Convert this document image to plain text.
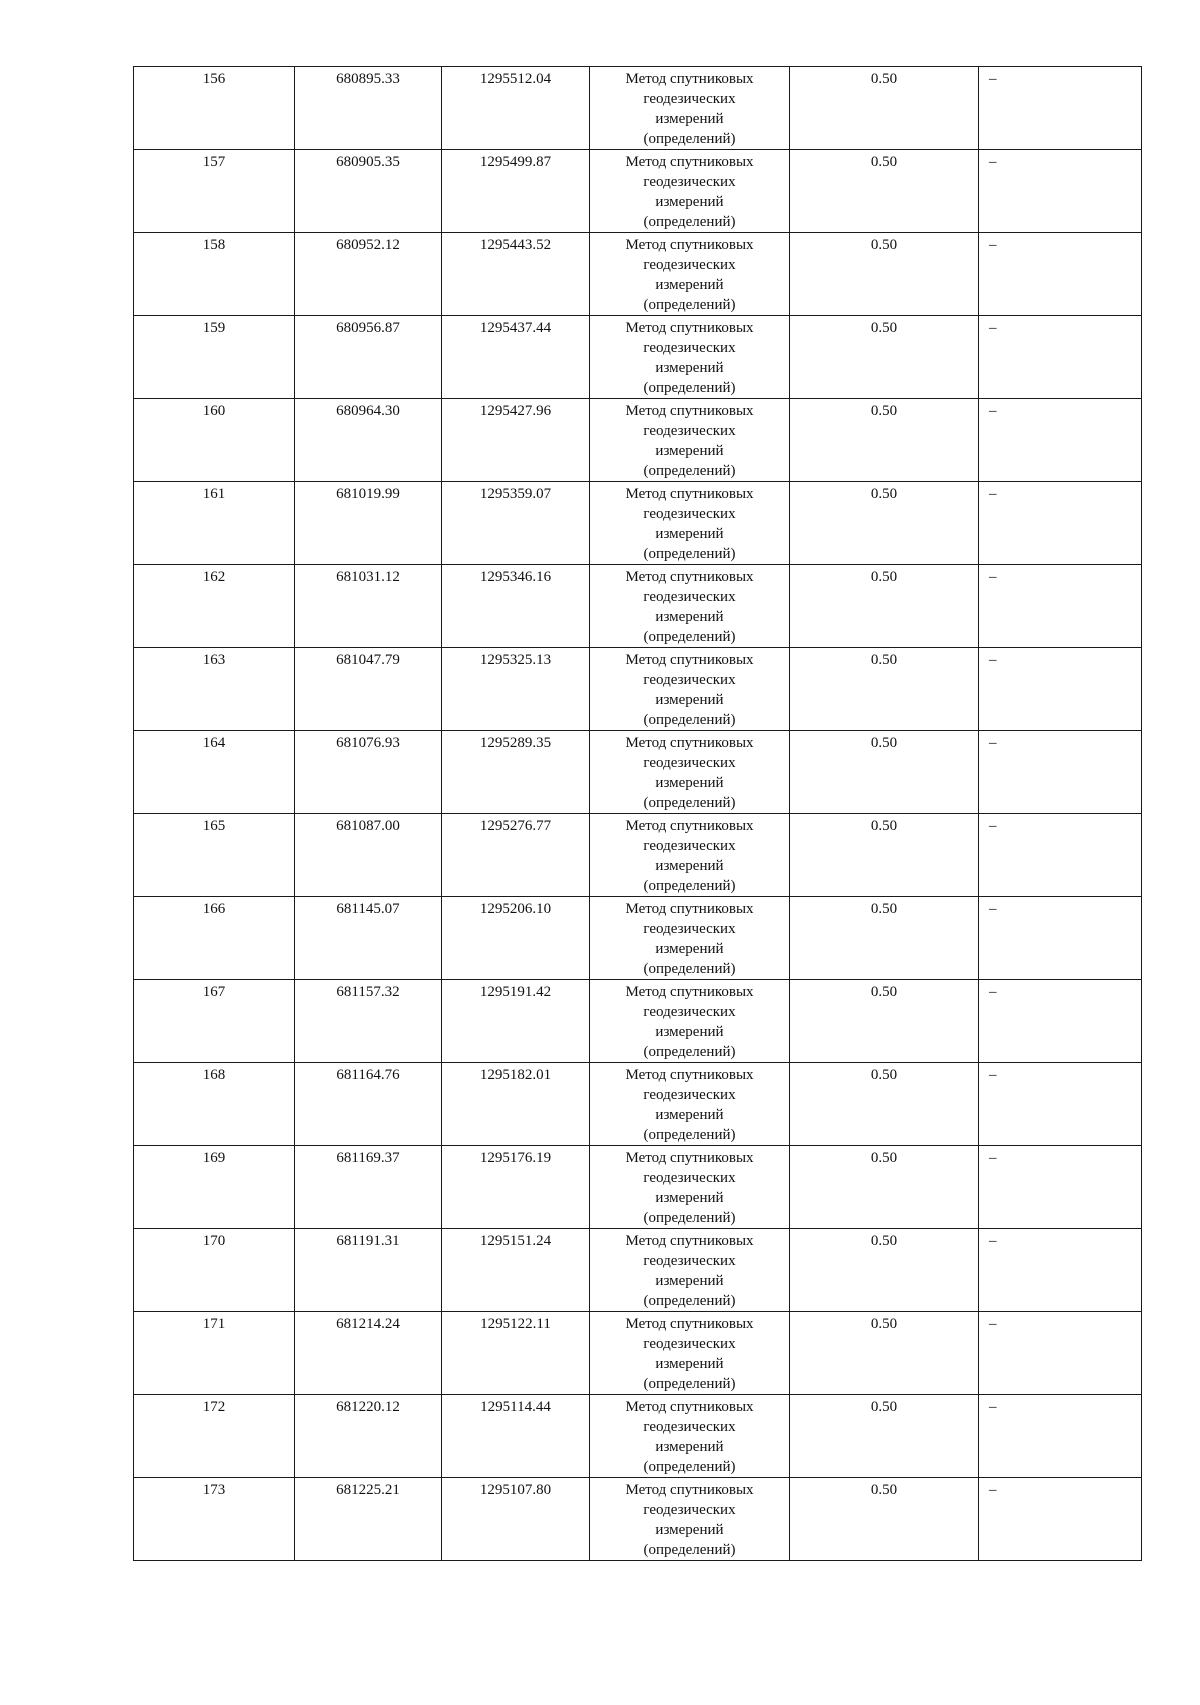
156	680895.33	1295512.04	Метод спутниковых
геодезических
измерений
(определений)	0.50	–
157	680905.35	1295499.87	Метод спутниковых
геодезических
измерений
(определений)	0.50	–
158	680952.12	1295443.52	Метод спутниковых
геодезических
измерений
(определений)	0.50	–
159	680956.87	1295437.44	Метод спутниковых
геодезических
измерений
(определений)	0.50	–
160	680964.30	1295427.96	Метод спутниковых
геодезических
измерений
(определений)	0.50	–
161	681019.99	1295359.07	Метод спутниковых
геодезических
измерений
(определений)	0.50	–
162	681031.12	1295346.16	Метод спутниковых
геодезических
измерений
(определений)	0.50	–
163	681047.79	1295325.13	Метод спутниковых
геодезических
измерений
(определений)	0.50	–
164	681076.93	1295289.35	Метод спутниковых
геодезических
измерений
(определений)	0.50	–
165	681087.00	1295276.77	Метод спутниковых
геодезических
измерений
(определений)	0.50	–
166	681145.07	1295206.10	Метод спутниковых
геодезических
измерений
(определений)	0.50	–
167	681157.32	1295191.42	Метод спутниковых
геодезических
измерений
(определений)	0.50	–
168	681164.76	1295182.01	Метод спутниковых
геодезических
измерений
(определений)	0.50	–
169	681169.37	1295176.19	Метод спутниковых
геодезических
измерений
(определений)	0.50	–
170	681191.31	1295151.24	Метод спутниковых
геодезических
измерений
(определений)	0.50	–
171	681214.24	1295122.11	Метод спутниковых
геодезических
измерений
(определений)	0.50	–
172	681220.12	1295114.44	Метод спутниковых
геодезических
измерений
(определений)	0.50	–
173	681225.21	1295107.80	Метод спутниковых
геодезических
измерений
(определений)	0.50	–
